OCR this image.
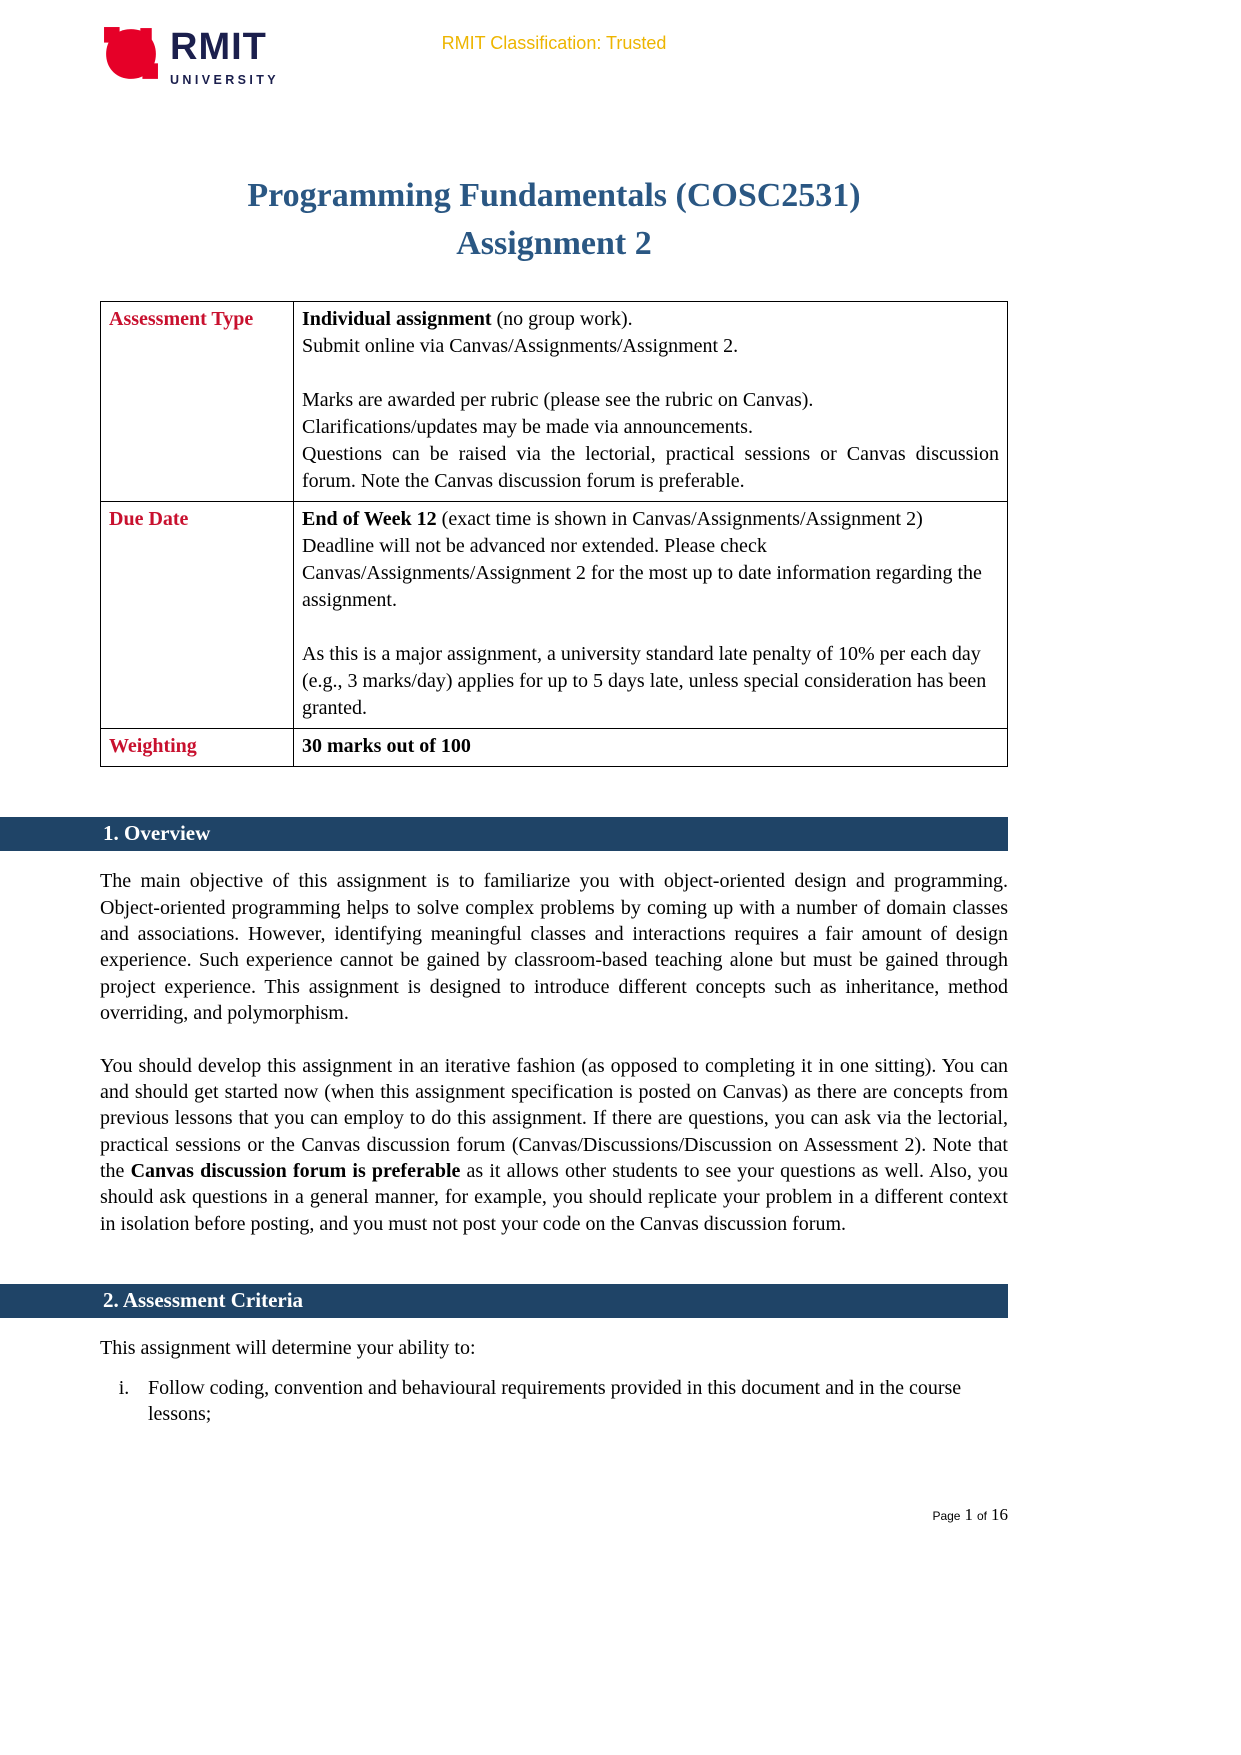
RMIT
UNIVERSITY
RMIT Classification: Trusted
Programming Fundamentals (COSC2531)
Assignment 2
Assessment Type	Individual assignment (no group work).

Submit online via Canvas/Assignments/Assignment 2.

Marks are awarded per rubric (please see the rubric on Canvas).

Clarifications/updates may be made via announcements.

Questions can be raised via the lectorial, practical sessions or Canvas discussion forum. Note the Canvas discussion forum is preferable.

Due Date	End of Week 12 (exact time is shown in Canvas/Assignments/Assignment 2) Deadline will not be advanced nor extended. Please check Canvas/Assignments/Assignment 2 for the most up to date information regarding the assignment.

As this is a major assignment, a university standard late penalty of 10% per each day (e.g., 3 marks/day) applies for up to 5 days late, unless special consideration has been granted.

Weighting	30 marks out of 100

1. Overview

The main objective of this assignment is to familiarize you with object-oriented design and programming. Object-oriented programming helps to solve complex problems by coming up with a number of domain classes and associations. However, identifying meaningful classes and interactions requires a fair amount of design experience. Such experience cannot be gained by classroom-based teaching alone but must be gained through project experience. This assignment is designed to introduce different concepts such as inheritance, method overriding, and polymorphism.

You should develop this assignment in an iterative fashion (as opposed to completing it in one sitting). You can and should get started now (when this assignment specification is posted on Canvas) as there are concepts from previous lessons that you can employ to do this assignment. If there are questions, you can ask via the lectorial, practical sessions or the Canvas discussion forum (Canvas/Discussions/Discussion on Assessment 2). Note that the Canvas discussion forum is preferable as it allows other students to see your questions as well. Also, you should ask questions in a general manner, for example, you should replicate your problem in a different context in isolation before posting, and you must not post your code on the Canvas discussion forum.

2. Assessment Criteria

This assignment will determine your ability to:

i. Follow coding, convention and behavioural requirements provided in this document and in the course lessons;
Page 1 of 16
